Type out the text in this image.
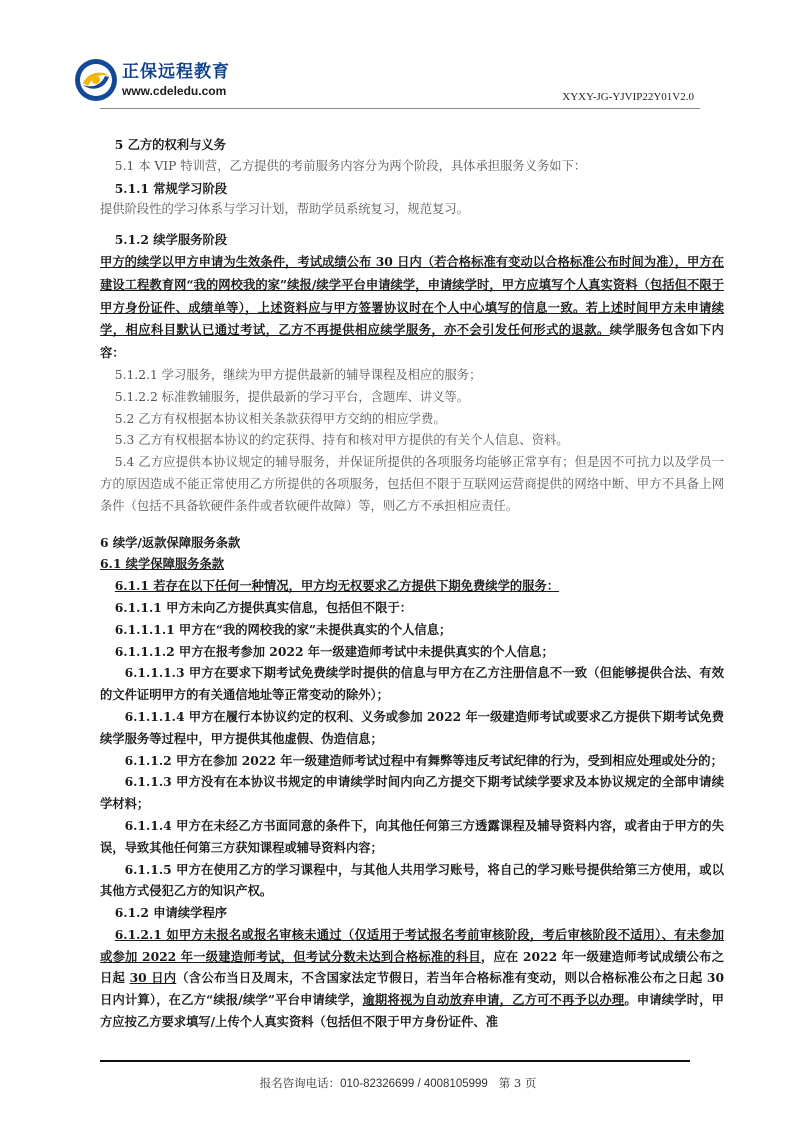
正保远程教育
www.cdeledu.com	XYXY-JG-YJVIP22Y01V2.0

5 乙方的权利与义务

5.1 本 VIP 特训营，乙方提供的考前服务内容分为两个阶段，具体承担服务义务如下：

5.1.1 常规学习阶段

提供阶段性的学习体系与学习计划，帮助学员系统复习，规范复习。

5.1.2 续学服务阶段

甲方的续学以甲方申请为生效条件，考试成绩公布 30 日内（若合格标准有变动以合格标准公布时间为准），甲方在建设工程教育网“我的网校我的家”续报/续学平台申请续学，申请续学时，甲方应填写个人真实资料（包括但不限于甲方身份证件、成绩单等），上述资料应与甲方签署协议时在个人中心填写的信息一致。若上述时间甲方未申请续学，相应科目默认已通过考试，乙方不再提供相应续学服务，亦不会引发任何形式的退款。续学服务包含如下内容：

5.1.2.1 学习服务，继续为甲方提供最新的辅导课程及相应的服务；

5.1.2.2 标准教辅服务，提供最新的学习平台，含题库、讲义等。

5.2 乙方有权根据本协议相关条款获得甲方交纳的相应学费。

5.3 乙方有权根据本协议的约定获得、持有和核对甲方提供的有关个人信息、资料。

5.4 乙方应提供本协议规定的辅导服务，并保证所提供的各项服务均能够正常享有；但是因不可抗力以及学员一方的原因造成不能正常使用乙方所提供的各项服务，包括但不限于互联网运营商提供的网络中断、甲方不具备上网条件（包括不具备软硬件条件或者软硬件故障）等，则乙方不承担相应责任。

6 续学/返款保障服务条款

6.1 续学保障服务条款

6.1.1 若存在以下任何一种情况，甲方均无权要求乙方提供下期免费续学的服务：

6.1.1.1 甲方未向乙方提供真实信息，包括但不限于：

6.1.1.1.1 甲方在“我的网校我的家”未提供真实的个人信息；

6.1.1.1.2 甲方在报考参加 2022 年一级建造师考试中未提供真实的个人信息；

6.1.1.1.3 甲方在要求下期考试免费续学时提供的信息与甲方在乙方注册信息不一致（但能够提供合法、有效的文件证明甲方的有关通信地址等正常变动的除外）；

6.1.1.1.4 甲方在履行本协议约定的权利、义务或参加 2022 年一级建造师考试或要求乙方提供下期考试免费续学服务等过程中，甲方提供其他虚假、伪造信息；

6.1.1.2 甲方在参加 2022 年一级建造师考试过程中有舞弊等违反考试纪律的行为，受到相应处理或处分的；

6.1.1.3 甲方没有在本协议书规定的申请续学时间内向乙方提交下期考试续学要求及本协议规定的全部申请续学材料；

6.1.1.4 甲方在未经乙方书面同意的条件下，向其他任何第三方透露课程及辅导资料内容，或者由于甲方的失误，导致其他任何第三方获知课程或辅导资料内容；

6.1.1.5 甲方在使用乙方的学习课程中，与其他人共用学习账号，将自己的学习账号提供给第三方使用，或以其他方式侵犯乙方的知识产权。

6.1.2 申请续学程序

6.1.2.1 如甲方未报名或报名审核未通过（仅适用于考试报名考前审核阶段，考后审核阶段不适用）、有未参加或参加 2022 年一级建造师考试，但考试分数未达到合格标准的科目，应在 2022 年一级建造师考试成绩公布之日起 30 日内（含公布当日及周末，不含国家法定节假日，若当年合格标准有变动，则以合格标准公布之日起 30 日内计算），在乙方“续报/续学”平台申请续学，逾期将视为自动放弃申请，乙方可不再予以办理。申请续学时，甲方应按乙方要求填写/上传个人真实资料（包括但不限于甲方身份证件、准

报名咨询电话：010-82326699 / 4008105999 第 3 页
